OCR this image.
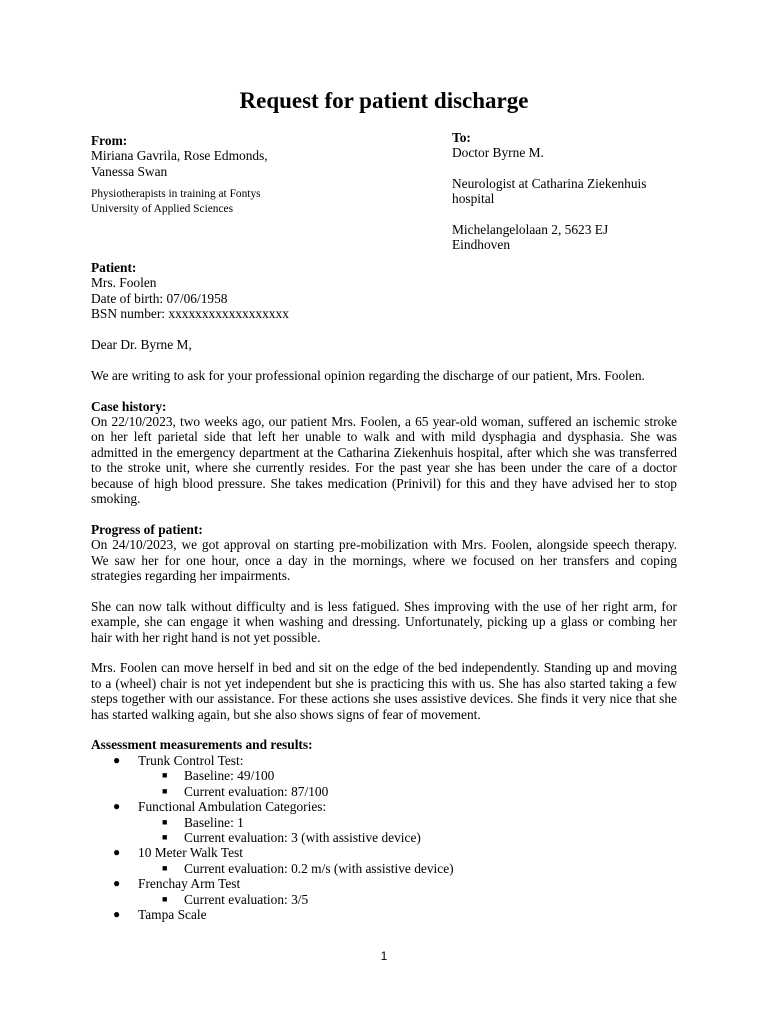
Request for patient discharge
From:
Miriana Gavrila, Rose Edmonds,
Vanessa Swan
Physiotherapists in training at Fontys
University of Applied Sciences
To:
Doctor Byrne M.
Neurologist at Catharina Ziekenhuis
hospital
Michelangelolaan 2, 5623 EJ
Eindhoven
Patient:
Mrs. Foolen
Date of birth: 07/06/1958
BSN number: xxxxxxxxxxxxxxxxxx

Dear Dr. Byrne M,

We are writing to ask for your professional opinion regarding the discharge of our patient, Mrs. Foolen.

Case history:

On 22/10/2023, two weeks ago, our patient Mrs. Foolen, a 65 year-old woman, suffered an ischemic stroke on her left parietal side that left her unable to walk and with mild dysphagia and dysphasia. She was admitted in the emergency department at the Catharina Ziekenhuis hospital, after which she was transferred to the stroke unit, where she currently resides. For the past year she has been under the care of a doctor because of high blood pressure. She takes medication (Prinivil) for this and they have advised her to stop smoking.

Progress of patient:

On 24/10/2023, we got approval on starting pre-mobilization with Mrs. Foolen, alongside speech therapy. We saw her for one hour, once a day in the mornings, where we focused on her transfers and coping strategies regarding her impairments.

She can now talk without difficulty and is less fatigued. Shes improving with the use of her right arm, for example, she can engage it when washing and dressing. Unfortunately, picking up a glass or combing her hair with her right hand is not yet possible.

Mrs. Foolen can move herself in bed and sit on the edge of the bed independently. Standing up and moving to a (wheel) chair is not yet independent but she is practicing this with us. She has also started taking a few steps together with our assistance. For these actions she uses assistive devices. She finds it very nice that she has started walking again, but she also shows signs of fear of movement.

Assessment measurements and results:
● Trunk Control Test:
■ Baseline: 49/100
■ Current evaluation: 87/100
● Functional Ambulation Categories:
■ Baseline: 1
■ Current evaluation: 3 (with assistive device)
● 10 Meter Walk Test
■ Current evaluation: 0.2 m/s (with assistive device)
● Frenchay Arm Test
■ Current evaluation: 3/5
● Tampa Scale
1
